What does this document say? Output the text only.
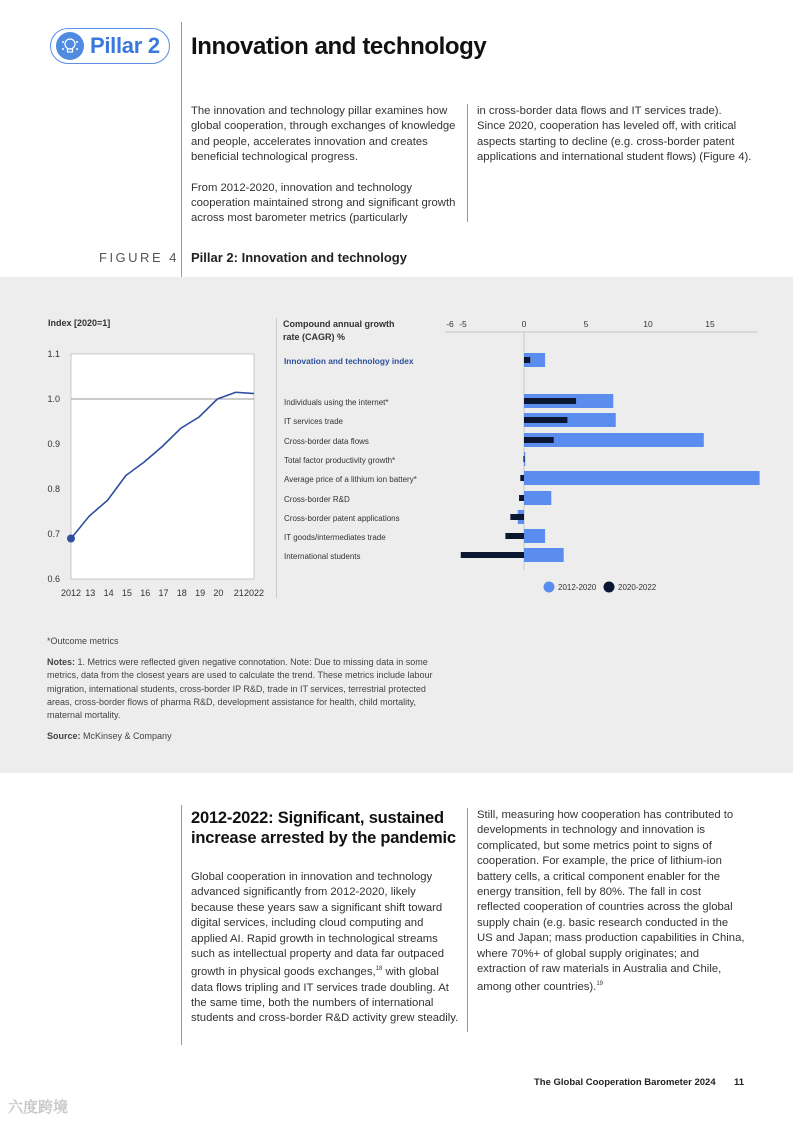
Pillar 2 Innovation and technology
The innovation and technology pillar examines how global cooperation, through exchanges of knowledge and people, accelerates innovation and creates beneficial technological progress.
From 2012-2020, innovation and technology cooperation maintained strong and significant growth across most barometer metrics (particularly
in cross-border data flows and IT services trade). Since 2020, cooperation has leveled off, with critical aspects starting to decline (e.g. cross-border patent applications and international student flows) (Figure 4).
FIGURE 4 Pillar 2: Innovation and technology
Index [2020=1]
1.1
1.0
0.9
0.8
0.7
0.6
2012 13 14 15 16 17 18 19 20 21 2022
Compound annual growth rate (CAGR) %
-6 -5	0	5	10	15
Innovation and technology index
Individuals using the internet*
IT services trade
Cross-border data flows
Total factor productivity growth*
Average price of a lithium ion battery*
Cross-border R&D
Cross-border patent applications
IT goods/intermediates trade
International students
2012-2020	2020-2022
*Outcome metrics
Notes: 1. Metrics were reflected given negative connotation. Note: Due to missing data in some metrics, data from the closest years are used to calculate the trend. These metrics include labour migration, international students, cross-border IP R&D, trade in IT services, terrestrial protected areas, cross-border flows of pharma R&D, development assistance for health, child mortality, maternal mortality.
Source: McKinsey & Company
2012-2022: Significant, sustained increase arrested by the pandemic
Global cooperation in innovation and technology advanced significantly from 2012-2020, likely because these years saw a significant shift toward digital services, including cloud computing and applied AI. Rapid growth in technological streams such as intellectual property and data far outpaced growth in physical goods exchanges,$^{18}$ with global data flows tripling and IT services trade doubling. At the same time, both the numbers of international students and cross-border R&D activity grew steadily.
Still, measuring how cooperation has contributed to developments in technology and innovation is complicated, but some metrics point to signs of cooperation. For example, the price of lithium-ion battery cells, a critical component enabler for the energy transition, fell by 80%. The fall in cost reflected cooperation of countries across the global supply chain (e.g. basic research conducted in the US and Japan; mass production capabilities in China, where 70%+ of global supply originates; and extraction of raw materials in Australia and Chile, among other countries).$^{19}$
The Global Cooperation Barometer 2024 11
六度跨境
